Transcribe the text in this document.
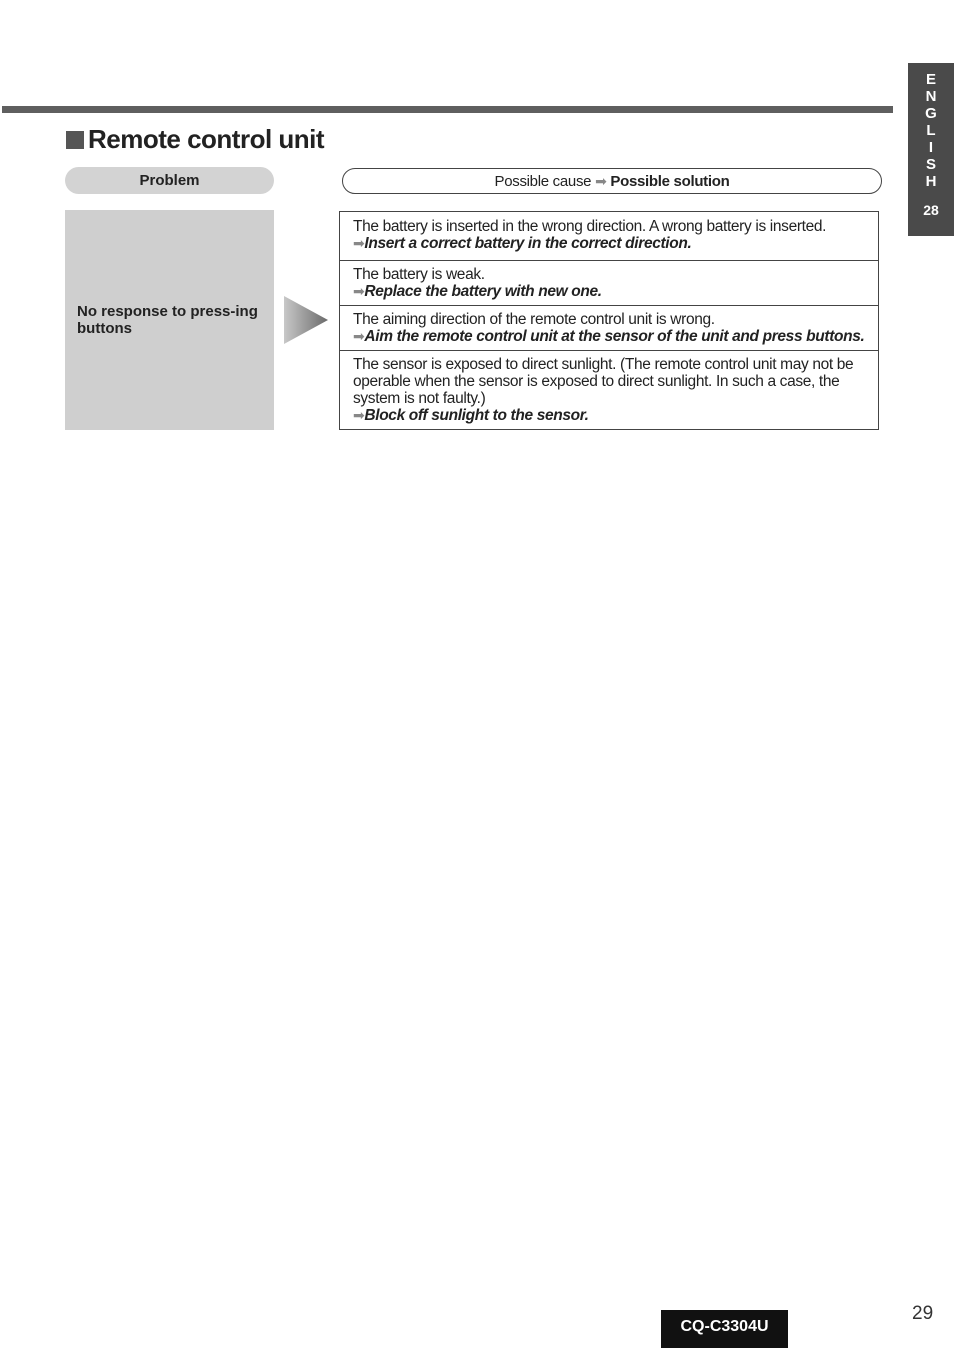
E
N
G
L
I
S
H
28
Remote control unit
Problem	Possible cause ➡ Possible solution
No response to press-ing buttons
The battery is inserted in the wrong direction. A wrong battery is inserted.
➡Insert a correct battery in the correct direction.
The battery is weak.
➡Replace the battery with new one.
The aiming direction of the remote control unit is wrong.
➡Aim the remote control unit at the sensor of the unit and press buttons.
The sensor is exposed to direct sunlight. (The remote control unit may not be operable when the sensor is exposed to direct sunlight. In such a case, the system is not faulty.)
➡Block off sunlight to the sensor.
CQ-C3304U
29
